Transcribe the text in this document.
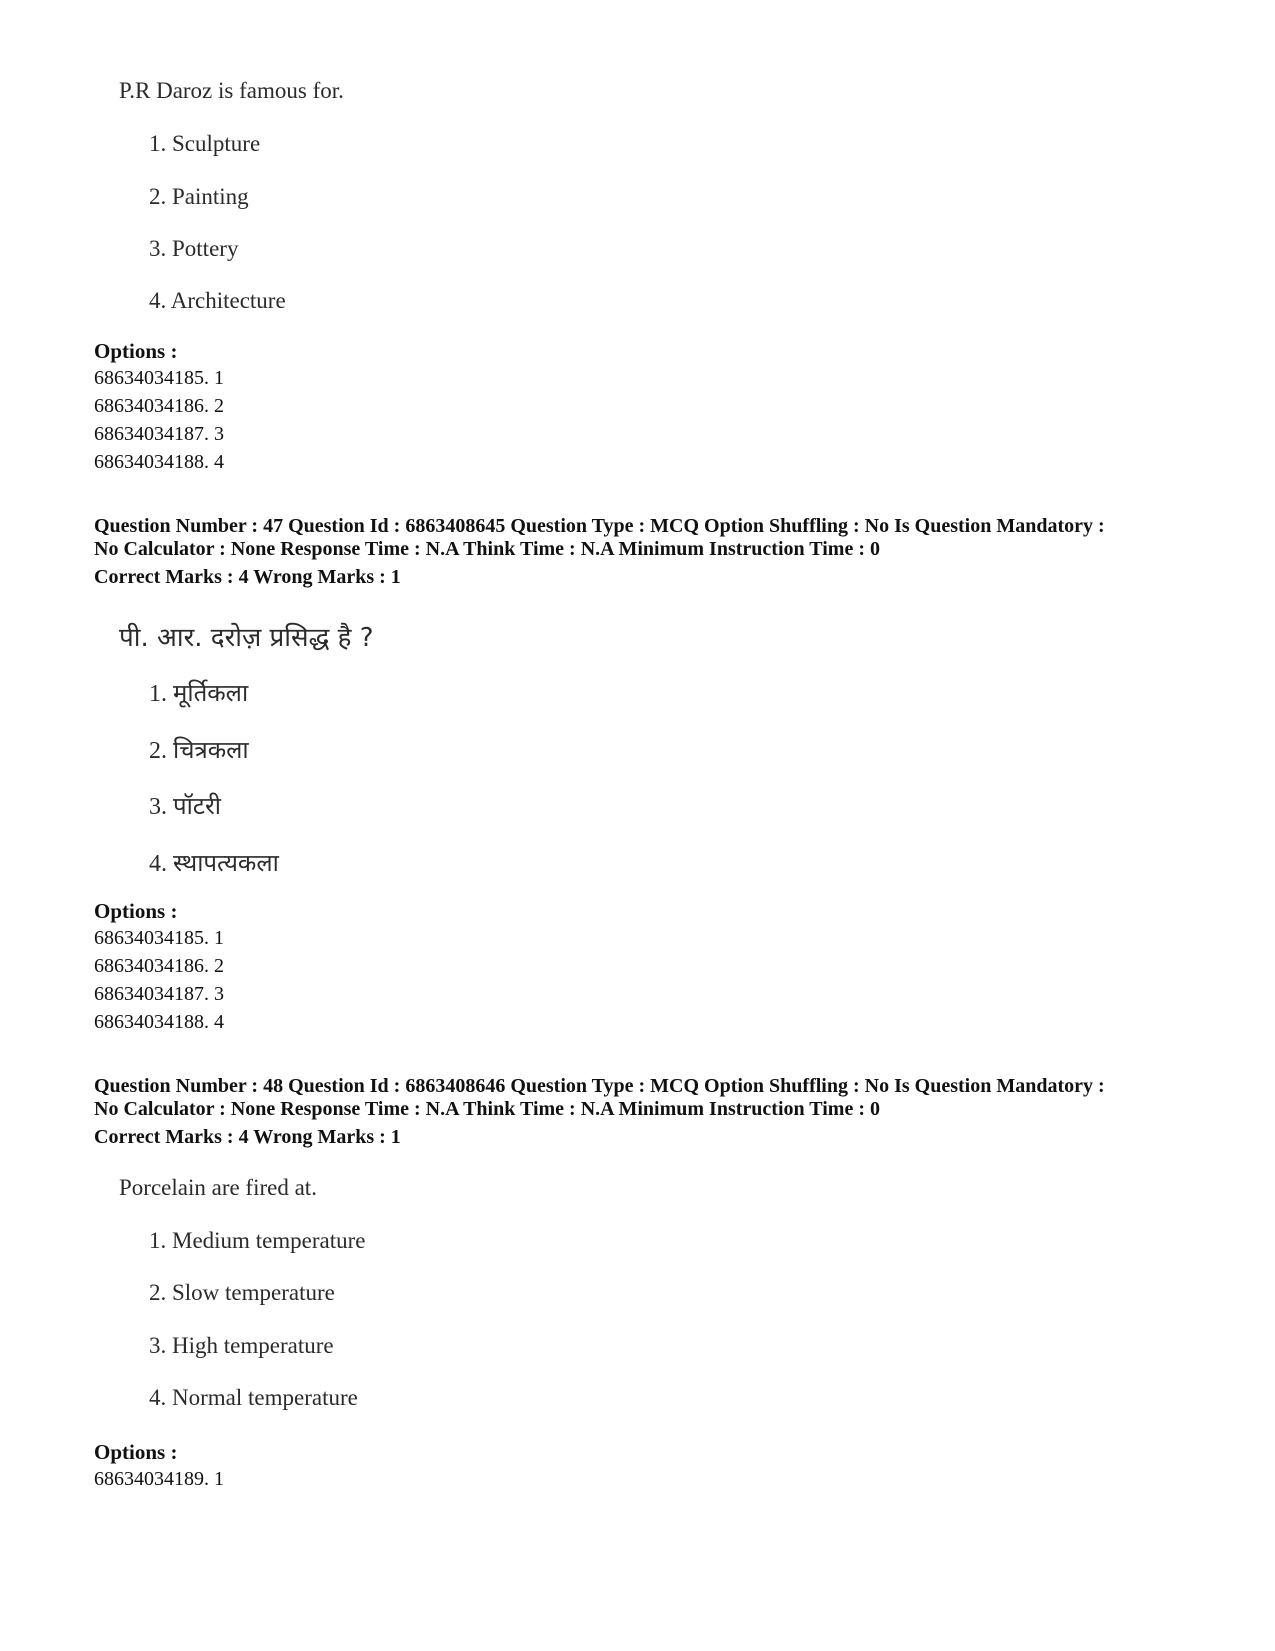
P.R Daroz is famous for.

1. Sculpture

2. Painting

3. Pottery

4. Architecture

Options :

68634034185. 1

68634034186. 2

68634034187. 3

68634034188. 4

Question Number : 47 Question Id : 6863408645 Question Type : MCQ Option Shuffling : No Is Question Mandatory :

No Calculator : None Response Time : N.A Think Time : N.A Minimum Instruction Time : 0

Correct Marks : 4 Wrong Marks : 1

पी. आर. दरोज़ प्रसिद्ध है ?

1. मूर्तिकला

2. चित्रकला

3. पॉटरी

4. स्थापत्यकला

Options :

68634034185. 1

68634034186. 2

68634034187. 3

68634034188. 4

Question Number : 48 Question Id : 6863408646 Question Type : MCQ Option Shuffling : No Is Question Mandatory :

No Calculator : None Response Time : N.A Think Time : N.A Minimum Instruction Time : 0

Correct Marks : 4 Wrong Marks : 1

Porcelain are fired at.

1. Medium temperature

2. Slow temperature

3. High temperature

4. Normal temperature

Options :

68634034189. 1
